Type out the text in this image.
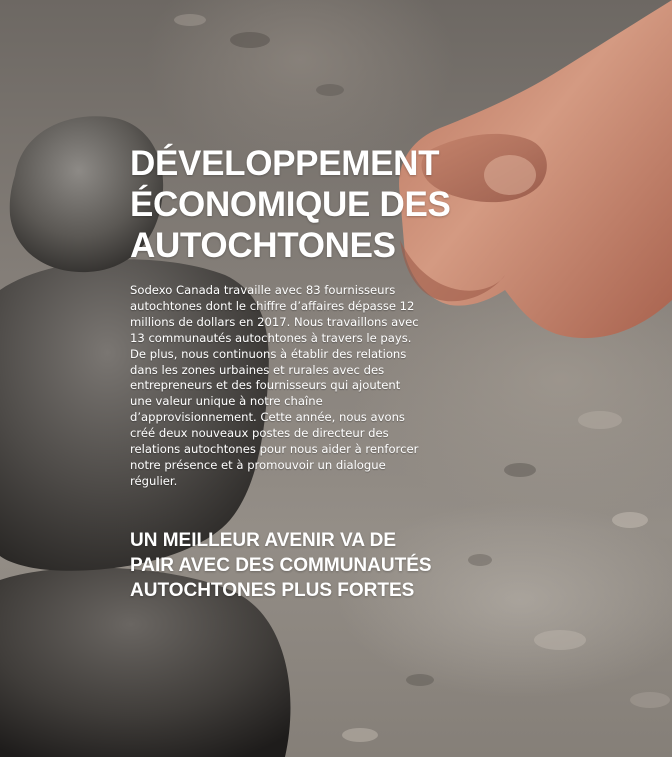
DÉVELOPPEMENT
ÉCONOMIQUE DES
AUTOCHTONES

Sodexo Canada travaille avec 83 fournisseurs
autochtones dont le chiffre d’affaires dépasse 12
millions de dollars en 2017. Nous travaillons avec
13 communautés autochtones à travers le pays.
De plus, nous continuons à établir des relations
dans les zones urbaines et rurales avec des
entrepreneurs et des fournisseurs qui ajoutent
une valeur unique à notre chaîne
d’approvisionnement. Cette année, nous avons
créé deux nouveaux postes de directeur des
relations autochtones pour nous aider à renforcer
notre présence et à promouvoir un dialogue
régulier.

UN MEILLEUR AVENIR VA DE
PAIR AVEC DES COMMUNAUTÉS
AUTOCHTONES PLUS FORTES
